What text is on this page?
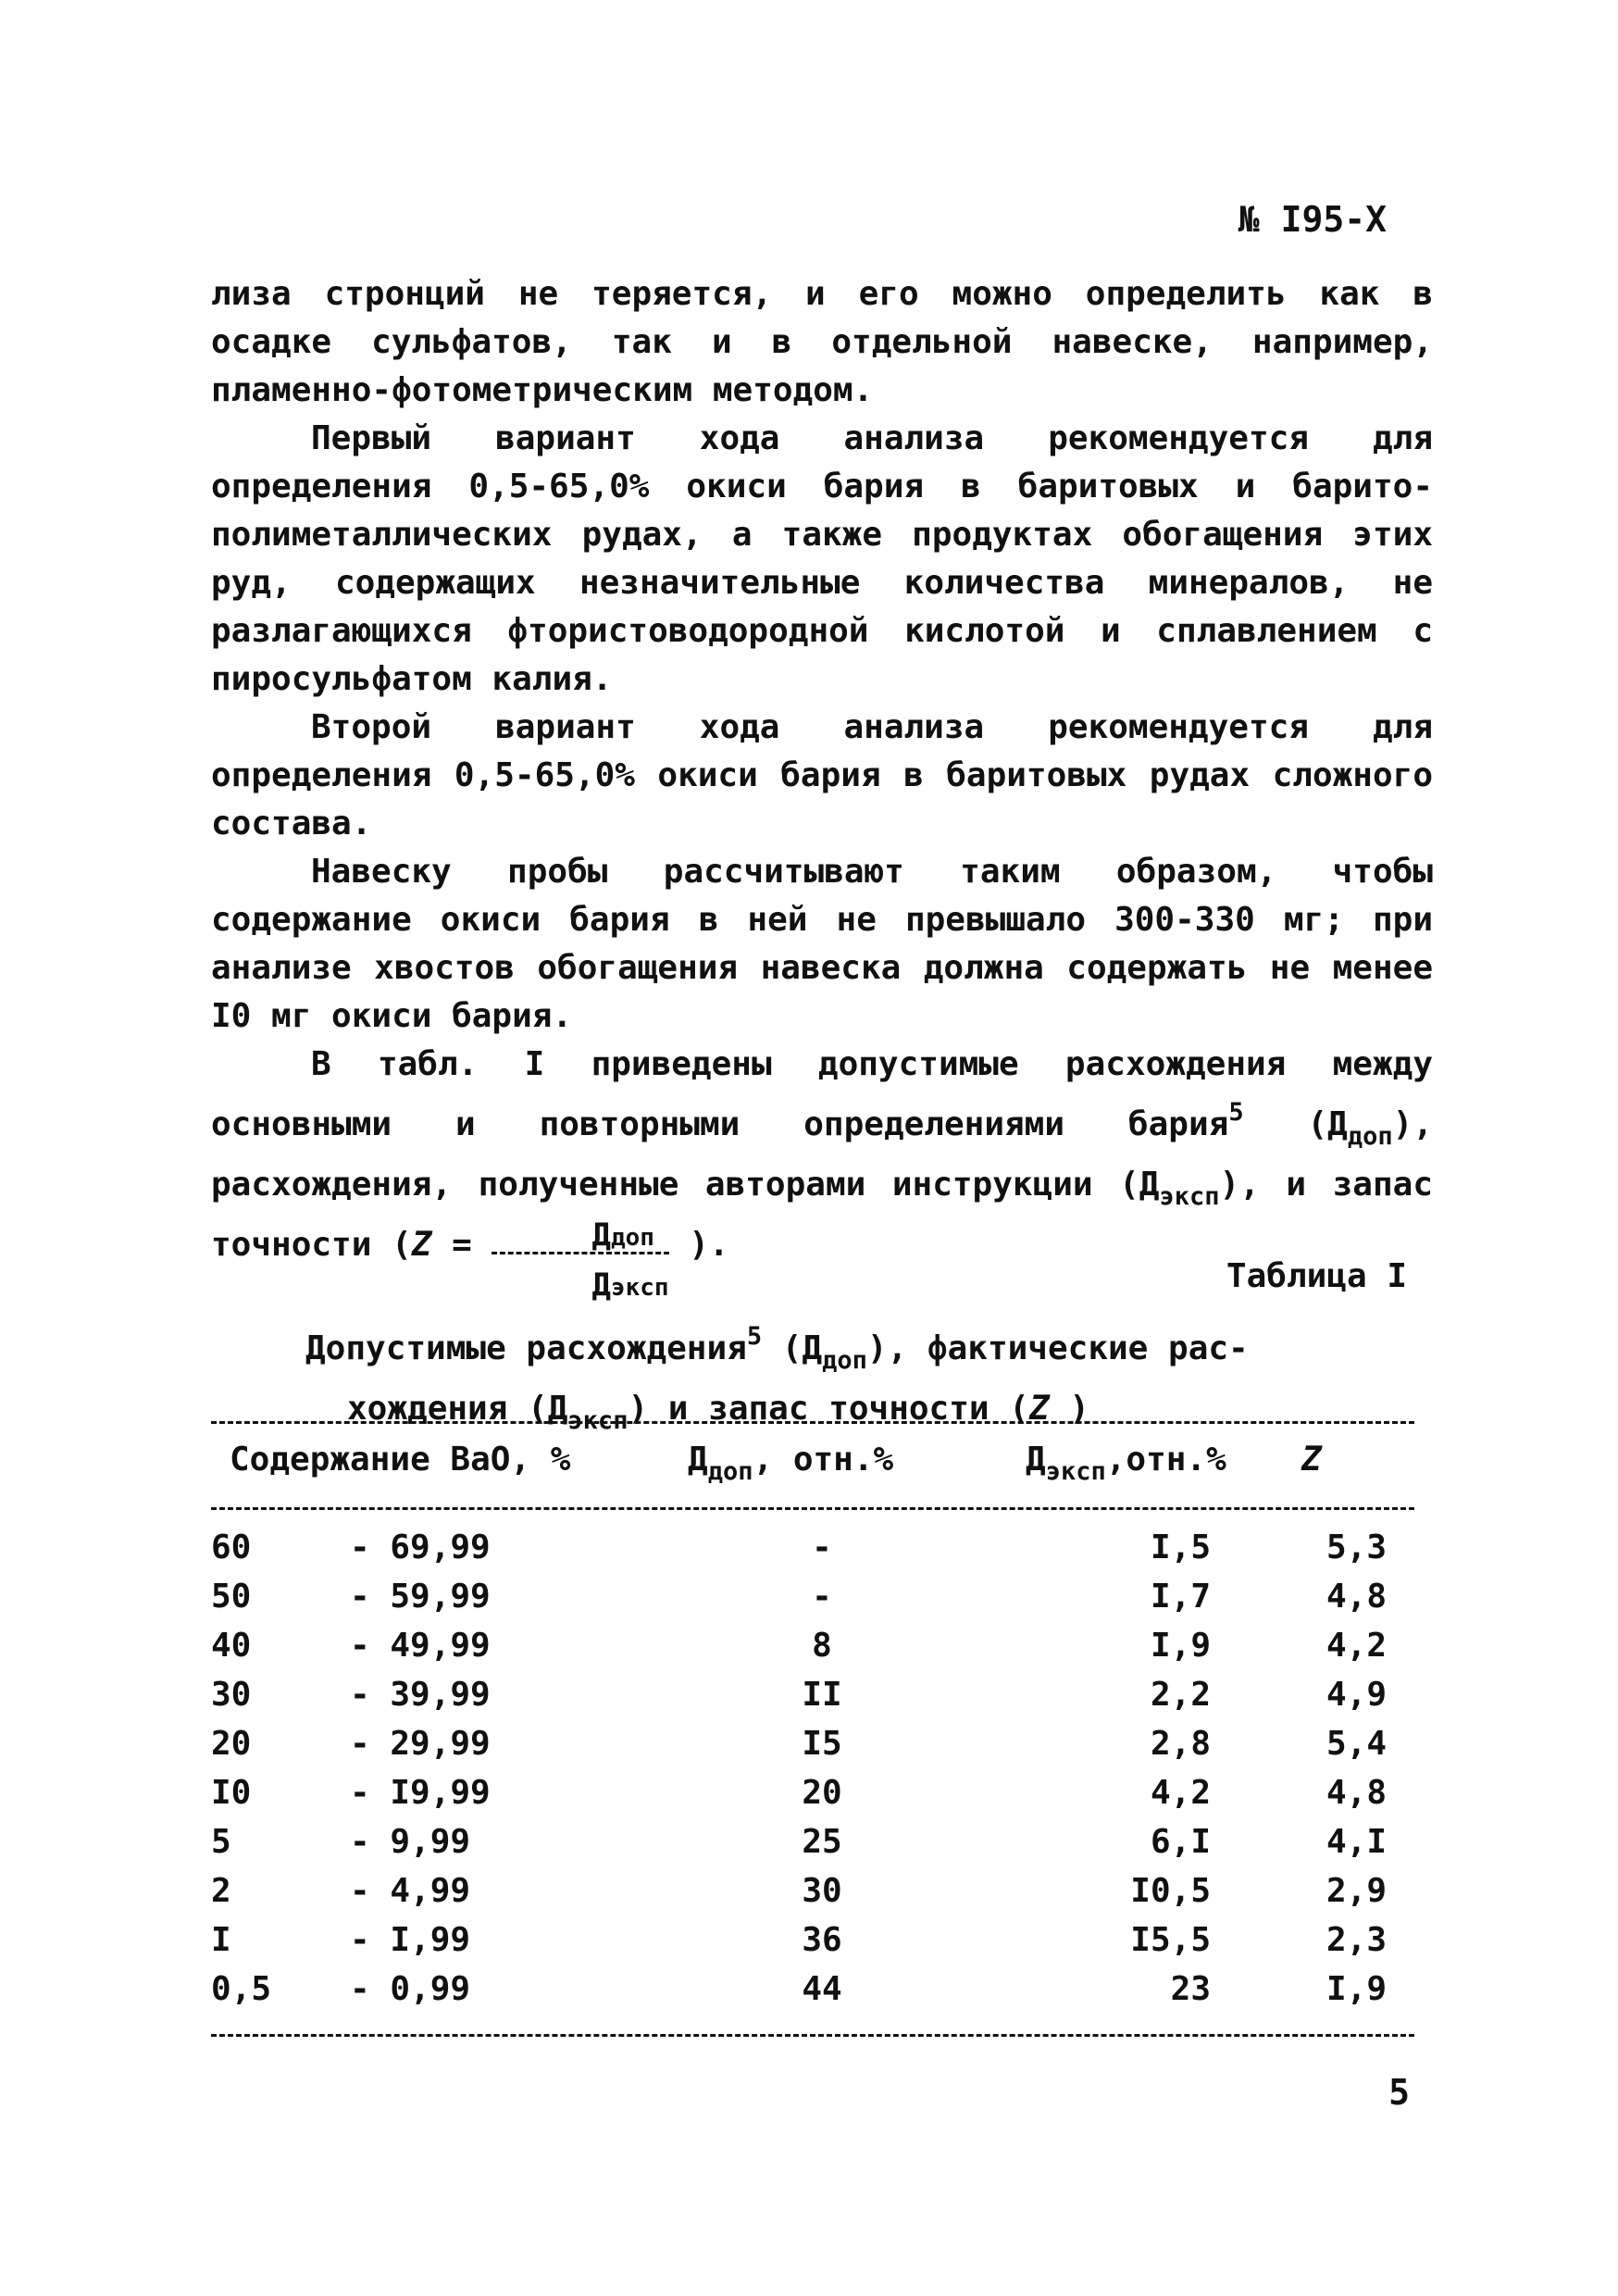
№ I95-X

лиза стронций не теряется, и его можно определить как в осадке сульфатов, так и в отдельной навеске, например, пламенно-фотометрическим методом.

Первый вариант хода анализа рекомендуется для определения 0,5-65,0% окиси бария в баритовых и барито-полиметаллических рудах, а также продуктах обогащения этих руд, содержащих незначительные количества минералов, не разлагающихся фтористоводородной кислотой и сплавлением с пиросульфатом калия.

Второй вариант хода анализа рекомендуется для определения 0,5-65,0% окиси бария в баритовых рудах сложного состава.

Навеску пробы рассчитывают таким образом, чтобы содержание окиси бария в ней не превышало 300-330 мг; при анализе хвостов обогащения навеска должна содержать не менее I0 мг окиси бария.

В табл. I приведены допустимые расхождения между основными и повторными определениями бария$^5$ $(Д_{доп})$, расхождения, полученные авторами инструкции $(Д_{эксп})$, и запас точности ($Z = \frac{\text{Ддоп}}{\text{Дэксп}}$ ).

Таблица I
Допустимые расхождения$^5$ $(Д_{доп})$, фактические рас-
хождения $(Д_{эксп})$ и запас точности (Z )
Содержание BaO, %	$Д_{доп}$, отн.%	$Д_{эксп},отн.\%$ Z
60	- 69,99	-	I,5	5,3
50	- 59,99	-	I,7	4,8
40	- 49,99	8	I,9	4,2
30	- 39,99	II	2,2	4,9
20	- 29,99	I5	2,8	5,4
I0	- I9,99	20	4,2	4,8
5	- 9,99	25	6,I	4,I
2	- 4,99	30	I0,5	2,9
I	- I,99	36	I5,5	2,3
0,5 - 0,99	44	23	I,9
5
